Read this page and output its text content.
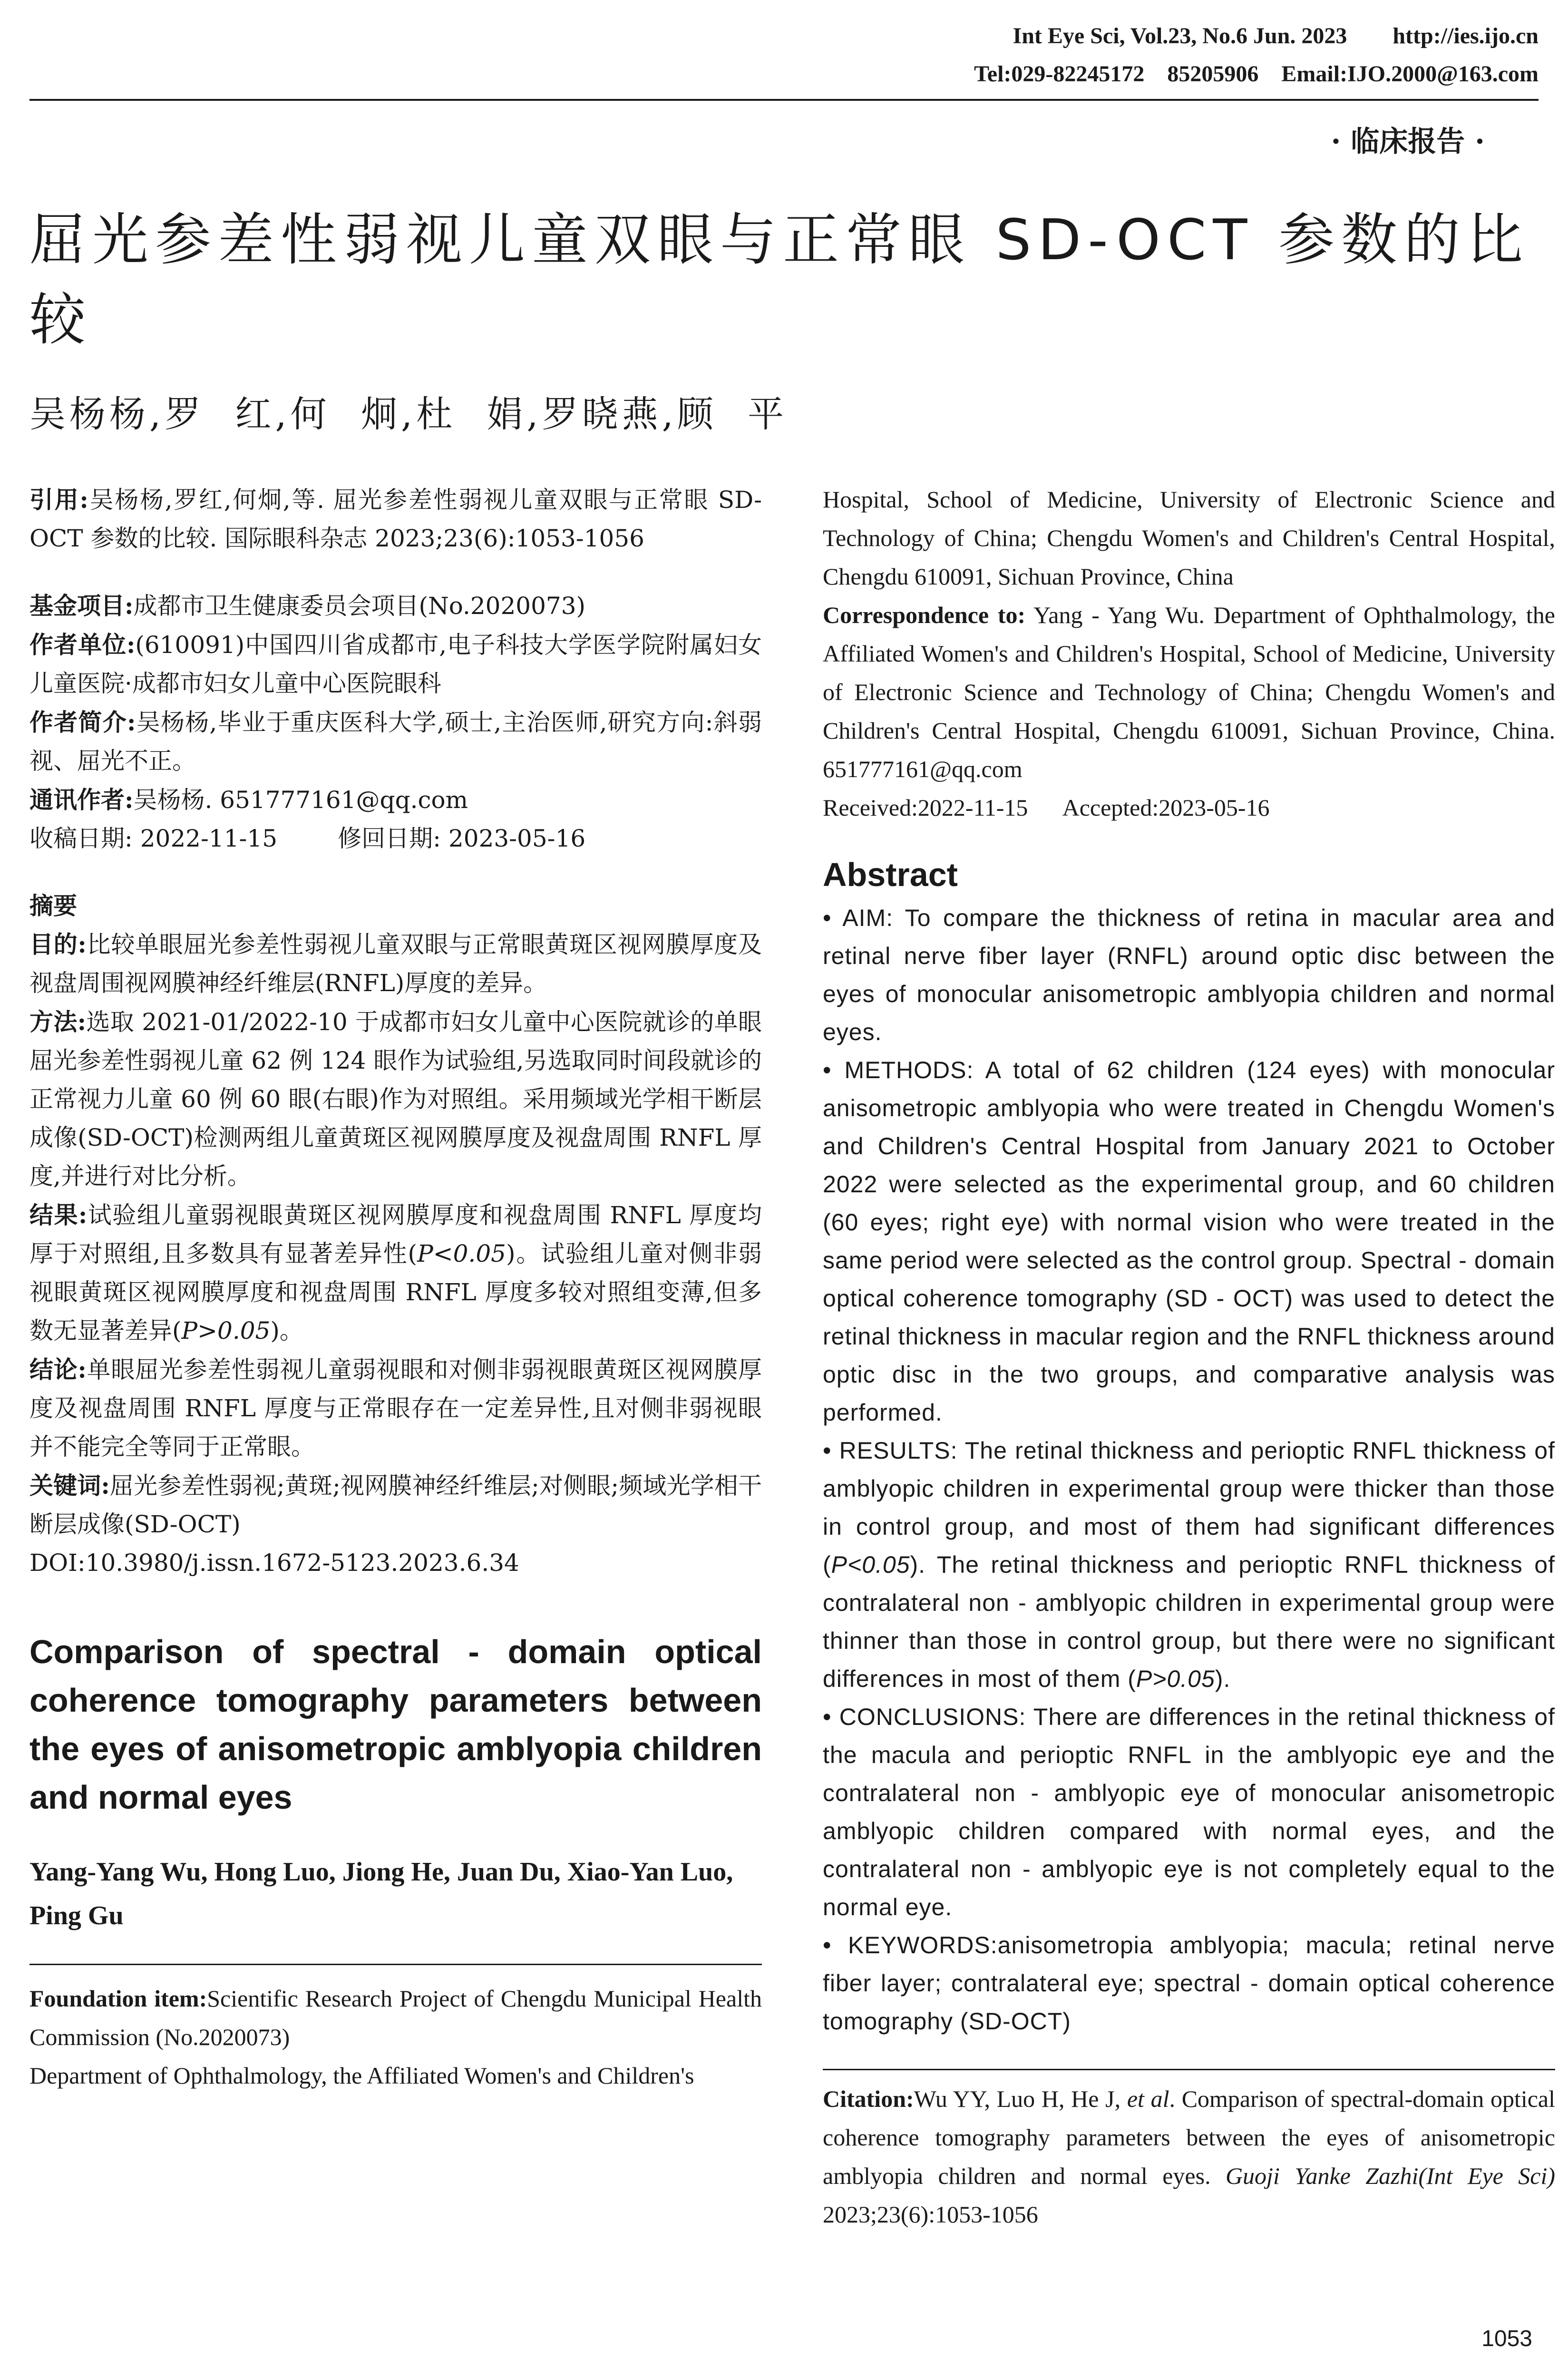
Int Eye Sci, Vol.23, No.6 Jun. 2023        http://ies.ijo.cn
Tel:029-82245172    85205906    Email:IJO.2000@163.com
· 临床报告 ·
屈光参差性弱视儿童双眼与正常眼 SD-OCT 参数的比较
吴杨杨,罗  红,何  炯,杜  娟,罗晓燕,顾  平

引用:吴杨杨,罗红,何炯,等. 屈光参差性弱视儿童双眼与正常眼 SD-OCT 参数的比较. 国际眼科杂志 2023;23(6):1053-1056

基金项目:成都市卫生健康委员会项目(No.2020073)

作者单位:(610091)中国四川省成都市,电子科技大学医学院附属妇女儿童医院·成都市妇女儿童中心医院眼科

作者简介:吴杨杨,毕业于重庆医科大学,硕士,主治医师,研究方向:斜弱视、屈光不正。

通讯作者:吴杨杨. 651777161@qq.com

收稿日期: 2022-11-15        修回日期: 2023-05-16

摘要

目的:比较单眼屈光参差性弱视儿童双眼与正常眼黄斑区视网膜厚度及视盘周围视网膜神经纤维层(RNFL)厚度的差异。

方法:选取 2021-01/2022-10 于成都市妇女儿童中心医院就诊的单眼屈光参差性弱视儿童 62 例 124 眼作为试验组,另选取同时间段就诊的正常视力儿童 60 例 60 眼(右眼)作为对照组。采用频域光学相干断层成像(SD-OCT)检测两组儿童黄斑区视网膜厚度及视盘周围 RNFL 厚度,并进行对比分析。

结果:试验组儿童弱视眼黄斑区视网膜厚度和视盘周围 RNFL 厚度均厚于对照组,且多数具有显著差异性(P<0.05)。试验组儿童对侧非弱视眼黄斑区视网膜厚度和视盘周围 RNFL 厚度多较对照组变薄,但多数无显著差异(P>0.05)。

结论:单眼屈光参差性弱视儿童弱视眼和对侧非弱视眼黄斑区视网膜厚度及视盘周围 RNFL 厚度与正常眼存在一定差异性,且对侧非弱视眼并不能完全等同于正常眼。

关键词:屈光参差性弱视;黄斑;视网膜神经纤维层;对侧眼;频域光学相干断层成像(SD-OCT)

DOI:10.3980/j.issn.1672-5123.2023.6.34

Comparison of spectral - domain optical coherence tomography parameters between the eyes of anisometropic amblyopia children and normal eyes
Yang-Yang Wu, Hong Luo, Jiong He, Juan Du, Xiao-Yan Luo, Ping Gu

Foundation item:Scientific Research Project of Chengdu Municipal Health Commission (No.2020073)

Department of Ophthalmology, the Affiliated Women's and Children's

Hospital, School of Medicine, University of Electronic Science and Technology of China; Chengdu Women's and Children's Central Hospital, Chengdu 610091, Sichuan Province, China

Correspondence to: Yang - Yang Wu. Department of Ophthalmology, the Affiliated Women's and Children's Hospital, School of Medicine, University of Electronic Science and Technology of China; Chengdu Women's and Children's Central Hospital, Chengdu 610091, Sichuan Province, China. 651777161@qq.com

Received:2022-11-15      Accepted:2023-05-16

Abstract

• AIM: To compare the thickness of retina in macular area and retinal nerve fiber layer (RNFL) around optic disc between the eyes of monocular anisometropic amblyopia children and normal eyes.

• METHODS: A total of 62 children (124 eyes) with monocular anisometropic amblyopia who were treated in Chengdu Women's and Children's Central Hospital from January 2021 to October 2022 were selected as the experimental group, and 60 children (60 eyes; right eye) with normal vision who were treated in the same period were selected as the control group. Spectral - domain optical coherence tomography (SD - OCT) was used to detect the retinal thickness in macular region and the RNFL thickness around optic disc in the two groups, and comparative analysis was performed.

• RESULTS: The retinal thickness and perioptic RNFL thickness of amblyopic children in experimental group were thicker than those in control group, and most of them had significant differences (P<0.05). The retinal thickness and perioptic RNFL thickness of contralateral non - amblyopic children in experimental group were thinner than those in control group, but there were no significant differences in most of them (P>0.05).

• CONCLUSIONS: There are differences in the retinal thickness of the macula and perioptic RNFL in the amblyopic eye and the contralateral non - amblyopic eye of monocular anisometropic amblyopic children compared with normal eyes, and the contralateral non - amblyopic eye is not completely equal to the normal eye.

• KEYWORDS:anisometropia amblyopia; macula; retinal nerve fiber layer; contralateral eye; spectral - domain optical coherence tomography (SD-OCT)

Citation:Wu YY, Luo H, He J, et al. Comparison of spectral-domain optical coherence tomography parameters between the eyes of anisometropic amblyopia children and normal eyes. Guoji Yanke Zazhi(Int Eye Sci) 2023;23(6):1053-1056

1053
